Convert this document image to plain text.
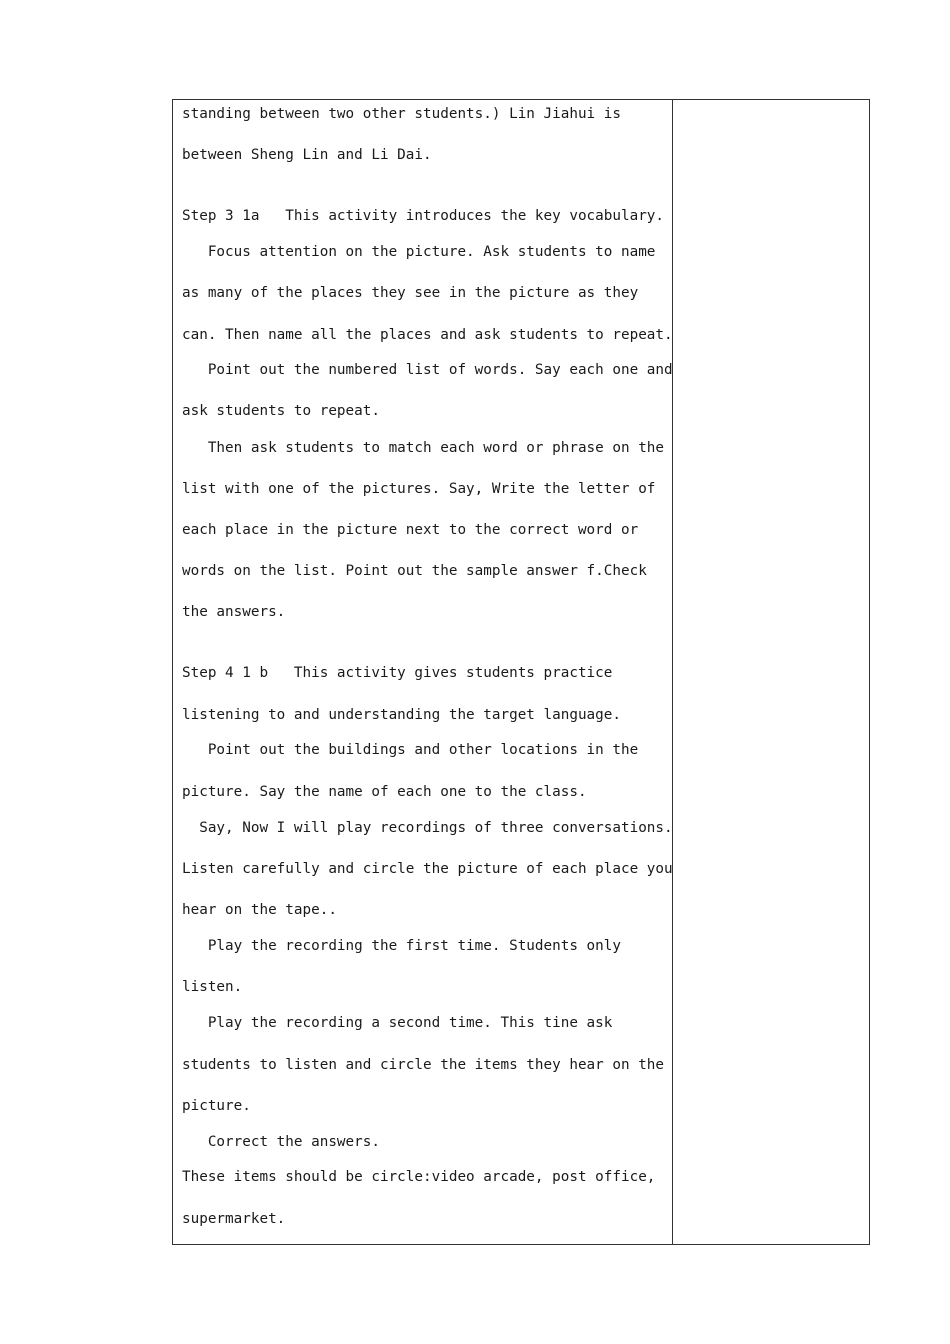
standing between two other students.) Lin Jiahui is
between Sheng Lin and Li Dai.
Step 3 1a   This activity introduces the key vocabulary.
Focus attention on the picture. Ask students to name
as many of the places they see in the picture as they
can. Then name all the places and ask students to repeat.
Point out the numbered list of words. Say each one and
ask students to repeat.
Then ask students to match each word or phrase on the
list with one of the pictures. Say, Write the letter of
each place in the picture next to the correct word or
words on the list. Point out the sample answer f.Check
the answers.
Step 4 1 b   This activity gives students practice
listening to and understanding the target language.
Point out the buildings and other locations in the
picture. Say the name of each one to the class.
Say, Now I will play recordings of three conversations.
Listen carefully and circle the picture of each place you
hear on the tape..
Play the recording the first time. Students only
listen.
Play the recording a second time. This tine ask
students to listen and circle the items they hear on the
picture.
Correct the answers.
These items should be circle:video arcade, post office,
supermarket.
